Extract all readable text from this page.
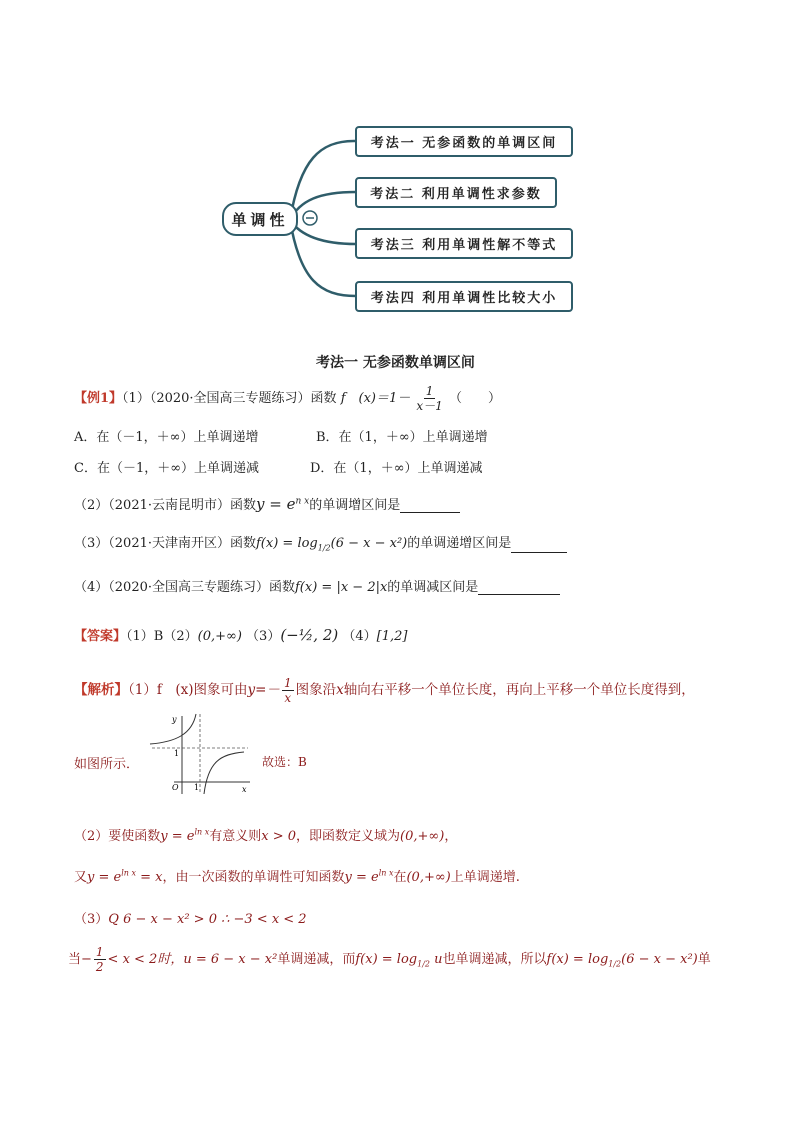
单调性
考法一 无参函数的单调区间
考法二 利用单调性求参数
考法三 利用单调性解不等式
考法四 利用单调性比较大小
考法一 无参函数单调区间
【例1】（1）（2020·全国高三专题练习）函数 f　$(x)=1- \frac{1}{x-1}$ （　　）
A．在（－1，＋∞）上单调递增	B．在（1，＋∞）上单调递增
C．在（－1，＋∞）上单调递减	D．在（1，＋∞）上单调递减
（2）（2021·云南昆明市）函数$y = e^{n x}$的单调增区间是
（3）（2021·天津南开区）函数$f(x) = \log_{1/2}(6 - x - x^2)$的单调递增区间是
（4）（2020·全国高三专题练习）函数f(x) = |x − 2|x的单调减区间是
【答案】（1）B（2）(0,+∞) （3）(−½, 2) （4）[1,2]
【解析】（1）f　(x)图象可由$y=- \frac{1}{x}$ 图象沿x轴向右平移一个单位长度，再向上平移一个单位长度得到，
如图所示．
y
x
O 1
1
故选：B
（2）要使函数$y = e^{ln x}$有意义则x > 0，即函数定义域为(0,+∞)，
又$y = e^{ln x} = x$，由一次函数的单调性可知函数$y = e^{ln x}$在(0,+∞)上单调递增.
（3）Q 6 − x − x² > 0 ∴ −3 < x < 2
当− $\frac{1}{2} < x < 2$时，u = 6 − x − x²单调递减，而$f(x) = \log_{1/2} u$也单调递减，所以$f(x) = \log_{1/2}(6 - x - x^2)$单
